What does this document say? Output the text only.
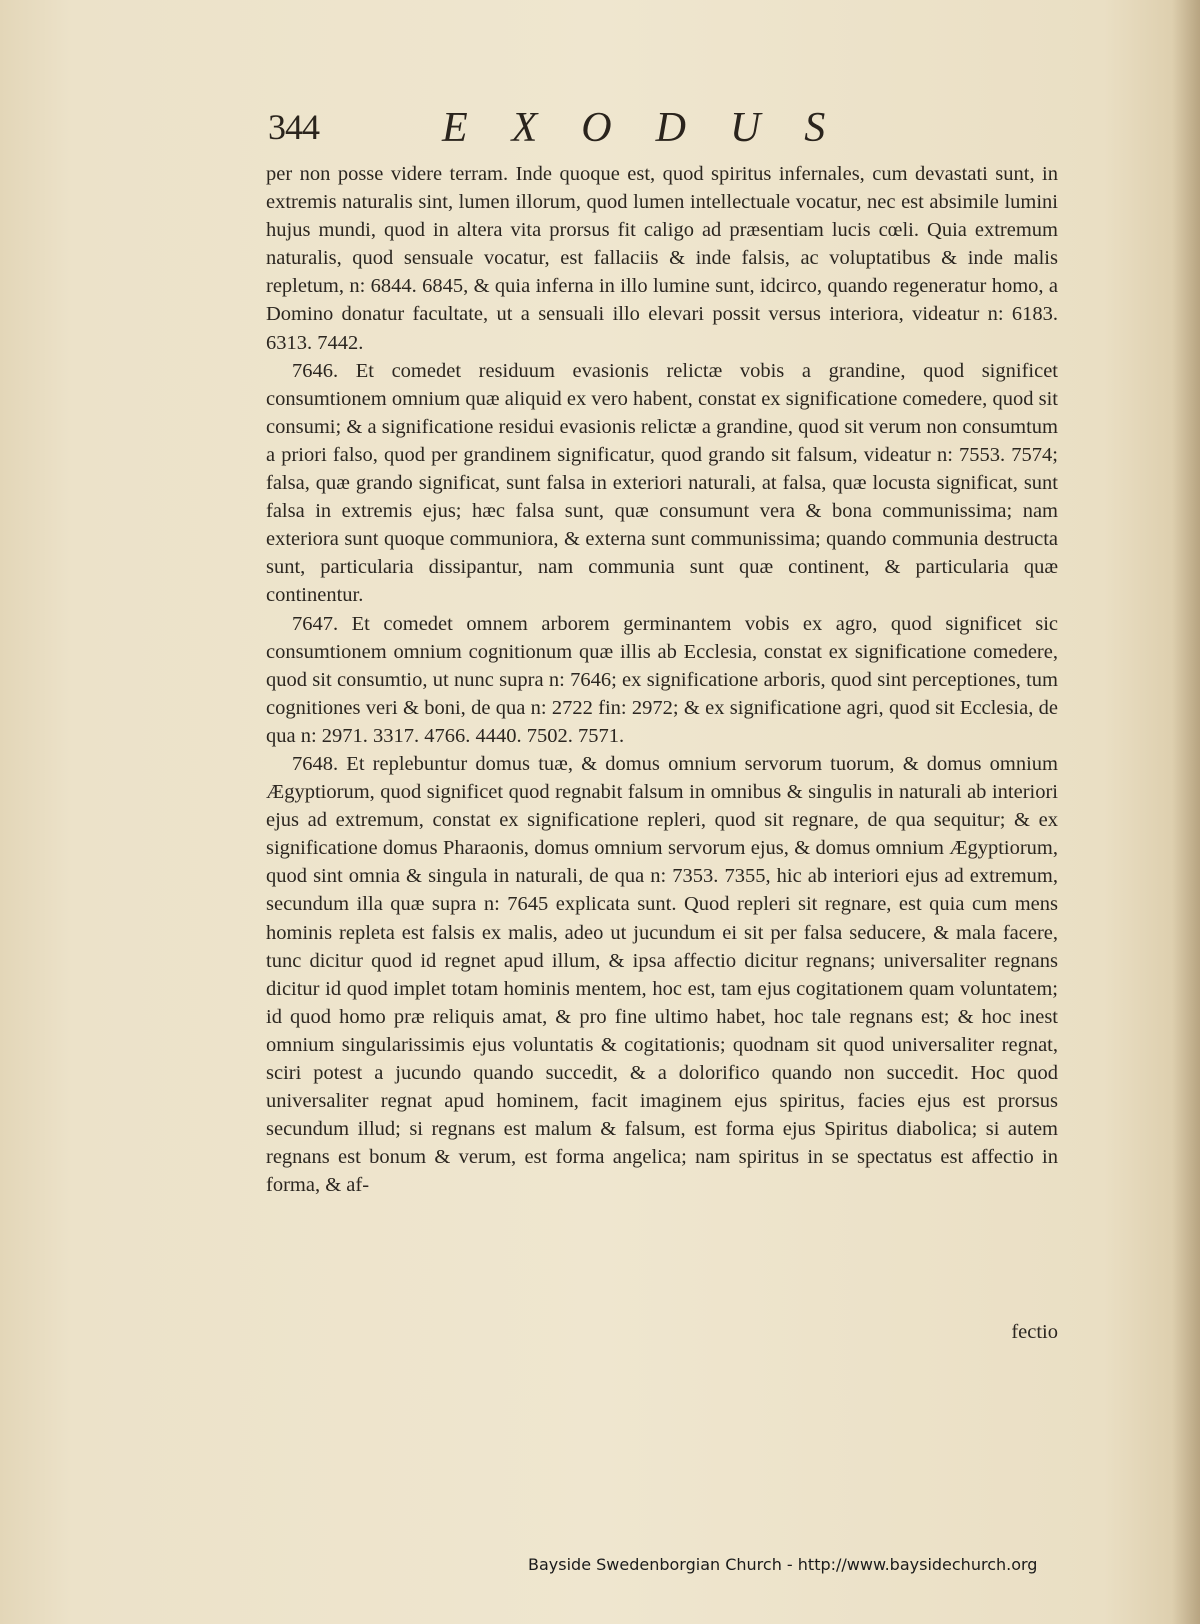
344	EXODUS

per non posse videre terram. Inde quoque est, quod spiritus infernales, cum devastati sunt, in extremis naturalis sint, lumen illorum, quod lumen intellectuale vocatur, nec est absimile lumini hujus mundi, quod in altera vita prorsus fit caligo ad præsentiam lucis cœli. Quia extremum naturalis, quod sensuale vocatur, est fallaciis & inde falsis, ac voluptatibus & inde malis repletum, n: 6844. 6845, & quia inferna in illo lumine sunt, idcirco, quando regeneratur homo, a Domino donatur facultate, ut a sensuali illo elevari possit versus interiora, videatur n: 6183. 6313. 7442.

7646. Et comedet residuum evasionis relictæ vobis a grandine, quod significet consumtionem omnium quæ aliquid ex vero habent, constat ex significatione comedere, quod sit consumi; & a significatione residui evasionis relictæ a grandine, quod sit verum non consumtum a priori falso, quod per grandinem significatur, quod grando sit falsum, videatur n: 7553. 7574; falsa, quæ grando significat, sunt falsa in exteriori naturali, at falsa, quæ locusta significat, sunt falsa in extremis ejus; hæc falsa sunt, quæ consumunt vera & bona communissima; nam exteriora sunt quoque communiora, & externa sunt communissima; quando communia destructa sunt, particularia dissipantur, nam communia sunt quæ continent, & particularia quæ continentur.

7647. Et comedet omnem arborem germinantem vobis ex agro, quod significet sic consumtionem omnium cognitionum quæ illis ab Ecclesia, constat ex significatione comedere, quod sit consumtio, ut nunc supra n: 7646; ex significatione arboris, quod sint perceptiones, tum cognitiones veri & boni, de qua n: 2722 fin: 2972; & ex significatione agri, quod sit Ecclesia, de qua n: 2971. 3317. 4766. 4440. 7502. 7571.

7648. Et replebuntur domus tuæ, & domus omnium servorum tuorum, & domus omnium Ægyptiorum, quod significet quod regnabit falsum in omnibus & singulis in naturali ab interiori ejus ad extremum, constat ex significatione repleri, quod sit regnare, de qua sequitur; & ex significatione domus Pharaonis, domus omnium servorum ejus, & domus omnium Ægyptiorum, quod sint omnia & singula in naturali, de qua n: 7353. 7355, hic ab interiori ejus ad extremum, secundum illa quæ supra n: 7645 explicata sunt. Quod repleri sit regnare, est quia cum mens hominis repleta est falsis ex malis, adeo ut jucundum ei sit per falsa seducere, & mala facere, tunc dicitur quod id regnet apud illum, & ipsa affectio dicitur regnans; universaliter regnans dicitur id quod implet totam hominis mentem, hoc est, tam ejus cogitationem quam voluntatem; id quod homo præ reliquis amat, & pro fine ultimo habet, hoc tale regnans est; & hoc inest omnium singularissimis ejus voluntatis & cogitationis; quodnam sit quod universaliter regnat, sciri potest a jucundo quando succedit, & a dolorifico quando non succedit. Hoc quod universaliter regnat apud hominem, facit imaginem ejus spiritus, facies ejus est prorsus secundum illud; si regnans est malum & falsum, est forma ejus Spiritus diabolica; si autem regnans est bonum & verum, est forma angelica; nam spiritus in se spectatus est affectio in forma, & af-

fectio
Bayside Swedenborgian Church - http://www.baysidechurch.org
